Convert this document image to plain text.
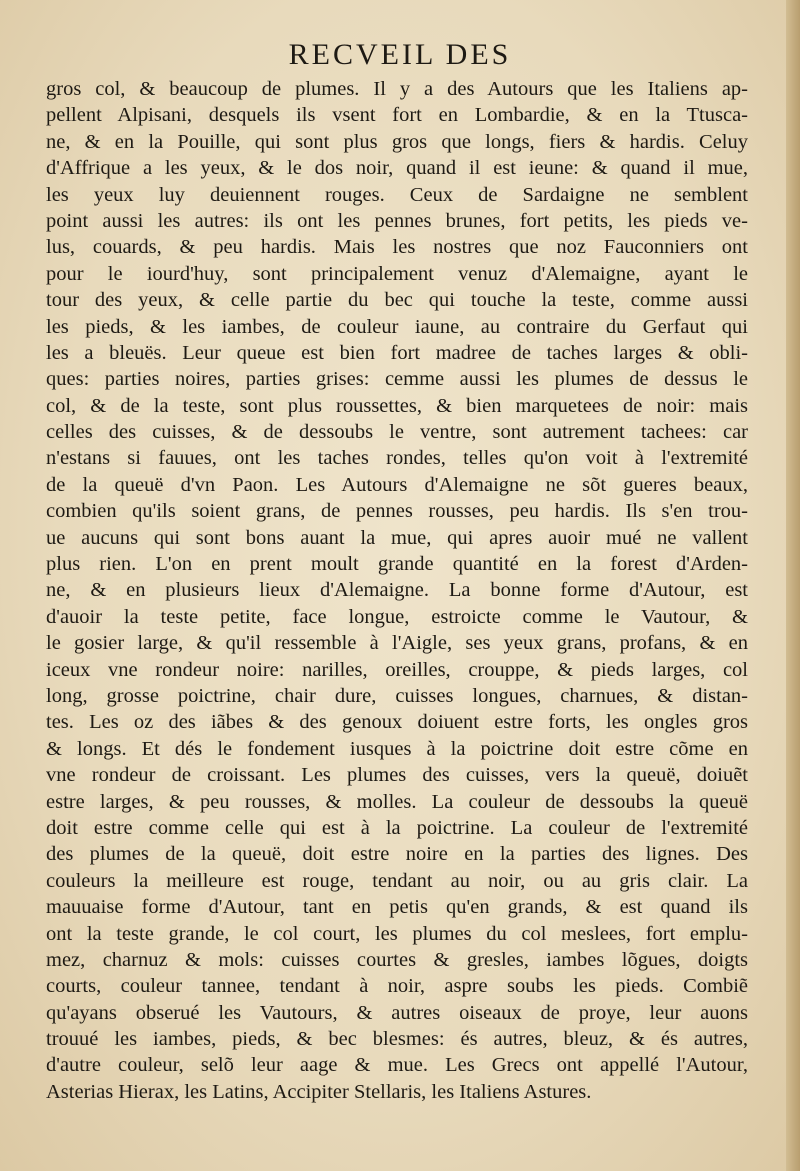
RECVEIL DES
gros col, & beaucoup de plumes. Il y a des Autours que les Italiens ap-
pellent Alpisani, desquels ils vsent fort en Lombardie, & en la Ttusca-
ne, & en la Pouille, qui sont plus gros que longs, fiers & hardis. Celuy
d'Affrique a les yeux, & le dos noir, quand il est ieune: & quand il mue,
les yeux luy deuiennent rouges. Ceux de Sardaigne ne semblent
point aussi les autres: ils ont les pennes brunes, fort petits, les pieds ve-
lus, couards, & peu hardis. Mais les nostres que noz Fauconniers ont
pour le iourd'huy, sont principalement venuz d'Alemaigne, ayant le
tour des yeux, & celle partie du bec qui touche la teste, comme aussi
les pieds, & les iambes, de couleur iaune, au contraire du Gerfaut qui
les a bleuës. Leur queue est bien fort madree de taches larges & obli-
ques: parties noires, parties grises: cemme aussi les plumes de dessus le
col, & de la teste, sont plus roussettes, & bien marquetees de noir: mais
celles des cuisses, & de dessoubs le ventre, sont autrement tachees: car
n'estans si fauues, ont les taches rondes, telles qu'on voit à l'extremité
de la queuë d'vn Paon. Les Autours d'Alemaigne ne sõt gueres beaux,
combien qu'ils soient grans, de pennes rousses, peu hardis. Ils s'en trou-
ue aucuns qui sont bons auant la mue, qui apres auoir mué ne vallent
plus rien. L'on en prent moult grande quantité en la forest d'Arden-
ne, & en plusieurs lieux d'Alemaigne. La bonne forme d'Autour, est
d'auoir la teste petite, face longue, estroicte comme le Vautour, &
le gosier large, & qu'il ressemble à l'Aigle, ses yeux grans, profans, & en
iceux vne rondeur noire: narilles, oreilles, crouppe, & pieds larges, col
long, grosse poictrine, chair dure, cuisses longues, charnues, & distan-
tes. Les oz des iãbes & des genoux doiuent estre forts, les ongles gros
& longs. Et dés le fondement iusques à la poictrine doit estre cõme en
vne rondeur de croissant. Les plumes des cuisses, vers la queuë, doiuẽt
estre larges, & peu rousses, & molles. La couleur de dessoubs la queuë
doit estre comme celle qui est à la poictrine. La couleur de l'extremité
des plumes de la queuë, doit estre noire en la parties des lignes. Des
couleurs la meilleure est rouge, tendant au noir, ou au gris clair. La
mauuaise forme d'Autour, tant en petis qu'en grands, & est quand ils
ont la teste grande, le col court, les plumes du col meslees, fort emplu-
mez, charnuz & mols: cuisses courtes & gresles, iambes lõgues, doigts
courts, couleur tannee, tendant à noir, aspre soubs les pieds. Combiẽ
qu'ayans obserué les Vautours, & autres oiseaux de proye, leur auons
trouué les iambes, pieds, & bec blesmes: és autres, bleuz, & és autres,
d'autre couleur, selõ leur aage & mue. Les Grecs ont appellé l'Autour,
Asterias Hierax, les Latins, Accipiter Stellaris, les Italiens Astures.
